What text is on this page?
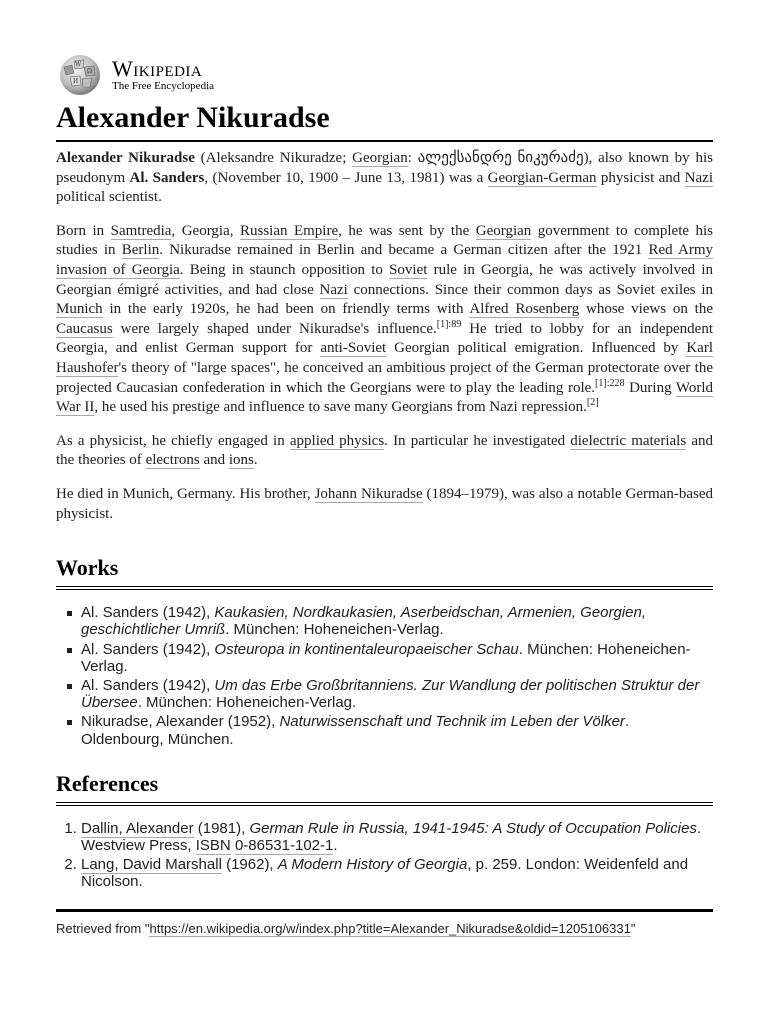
W
Ω
И
Wikipedia
The Free Encyclopedia
Alexander Nikuradse

Alexander Nikuradse (Aleksandre Nikuradze; Georgian: ალექსანდრე ნიკურაძე), also known by his pseudonym Al. Sanders, (November 10, 1900 – June 13, 1981) was a Georgian-German physicist and Nazi political scientist.

Born in Samtredia, Georgia, Russian Empire, he was sent by the Georgian government to complete his studies in Berlin. Nikuradse remained in Berlin and became a German citizen after the 1921 Red Army invasion of Georgia. Being in staunch opposition to Soviet rule in Georgia, he was actively involved in Georgian émigré activities, and had close Nazi connections. Since their common days as Soviet exiles in Munich in the early 1920s, he had been on friendly terms with Alfred Rosenberg whose views on the Caucasus were largely shaped under Nikuradse's influence.$^{[1]:89}$ He tried to lobby for an independent Georgia, and enlist German support for anti-Soviet Georgian political emigration. Influenced by Karl Haushofer's theory of "large spaces", he conceived an ambitious project of the German protectorate over the projected Caucasian confederation in which the Georgians were to play the leading role.$^{[1]:228}$ During World War II, he used his prestige and influence to save many Georgians from Nazi repression.[2]

As a physicist, he chiefly engaged in applied physics. In particular he investigated dielectric materials and the theories of electrons and ions.

He died in Munich, Germany. His brother, Johann Nikuradse (1894–1979), was also a notable German-based physicist.

Works
Al. Sanders (1942), Kaukasien, Nordkaukasien, Aserbeidschan, Armenien, Georgien, geschichtlicher Umriß. München: Hoheneichen-Verlag.
Al. Sanders (1942), Osteuropa in kontinentaleuropaeischer Schau. München: Hoheneichen-Verlag.
Al. Sanders (1942), Um das Erbe Großbritanniens. Zur Wandlung der politischen Struktur der Übersee. München: Hoheneichen-Verlag.
Nikuradse, Alexander (1952), Naturwissenschaft und Technik im Leben der Völker. Oldenbourg, München.
References
1. Dallin, Alexander (1981), German Rule in Russia, 1941-1945: A Study of Occupation Policies. Westview Press, ISBN 0-86531-102-1.
2. Lang, David Marshall (1962), A Modern History of Georgia, p. 259. London: Weidenfeld and Nicolson.
Retrieved from "https://en.wikipedia.org/w/index.php?title=Alexander_Nikuradse&oldid=1205106331"
